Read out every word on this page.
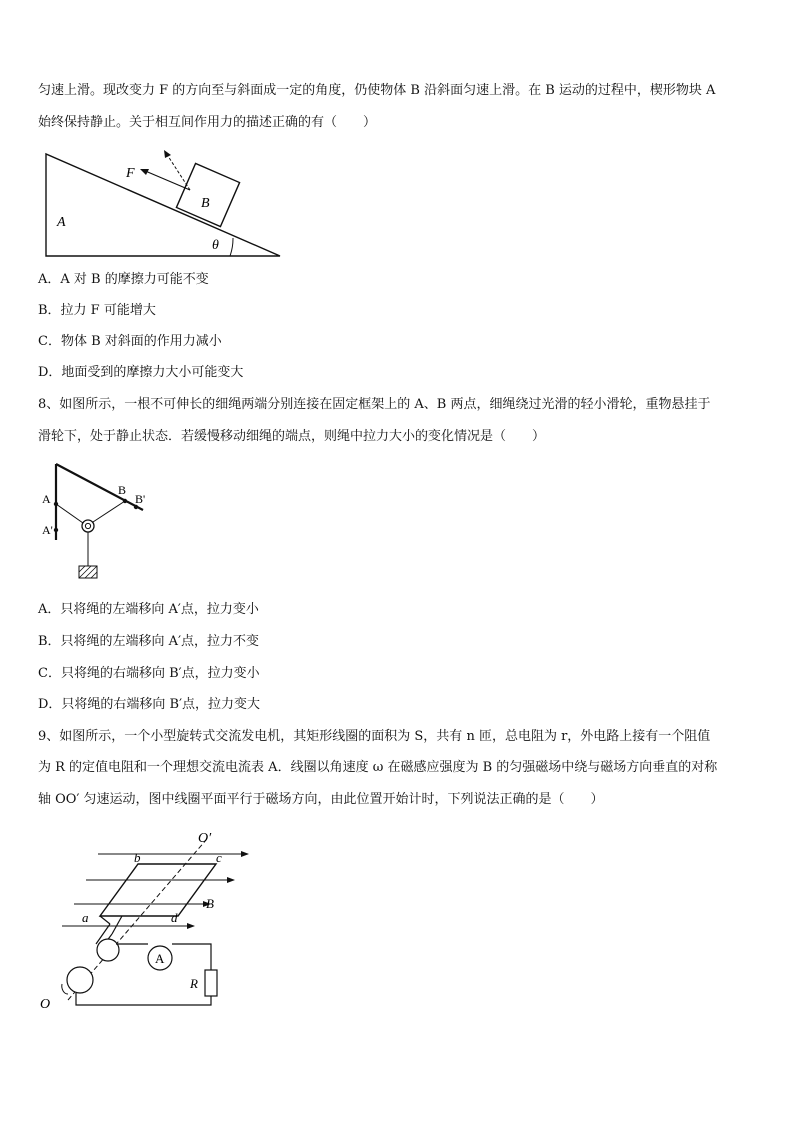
匀速上滑。现改变力 F 的方向至与斜面成一定的角度，仍使物体 B 沿斜面匀速上滑。在 B 运动的过程中，楔形物块 A
始终保持静止。关于相互间作用力的描述正确的有（　　）
F
B
A
θ
A．A 对 B 的摩擦力可能不变
B．拉力 F 可能增大
C．物体 B 对斜面的作用力减小
D．地面受到的摩擦力大小可能变大
8、如图所示，一根不可伸长的细绳两端分别连接在固定框架上的 A、B 两点，细绳绕过光滑的轻小滑轮，重物悬挂于
滑轮下，处于静止状态．若缓慢移动细绳的端点，则绳中拉力大小的变化情况是（　　）
A
A'
B
B'
A．只将绳的左端移向 A′点，拉力变小
B．只将绳的左端移向 A′点，拉力不变
C．只将绳的右端移向 B′点，拉力变小
D．只将绳的右端移向 B′点，拉力变大
9、如图所示，一个小型旋转式交流发电机，其矩形线圈的面积为 S，共有 n 匝，总电阻为 r，外电路上接有一个阻值
为 R 的定值电阻和一个理想交流电流表 A．线圈以角速度 ω 在磁感应强度为 B 的匀强磁场中绕与磁场方向垂直的对称
轴 OO′ 匀速运动，图中线圈平面平行于磁场方向，由此位置开始计时，下列说法正确的是（　　）
O′
O
b	c
a	d
B
A
R
